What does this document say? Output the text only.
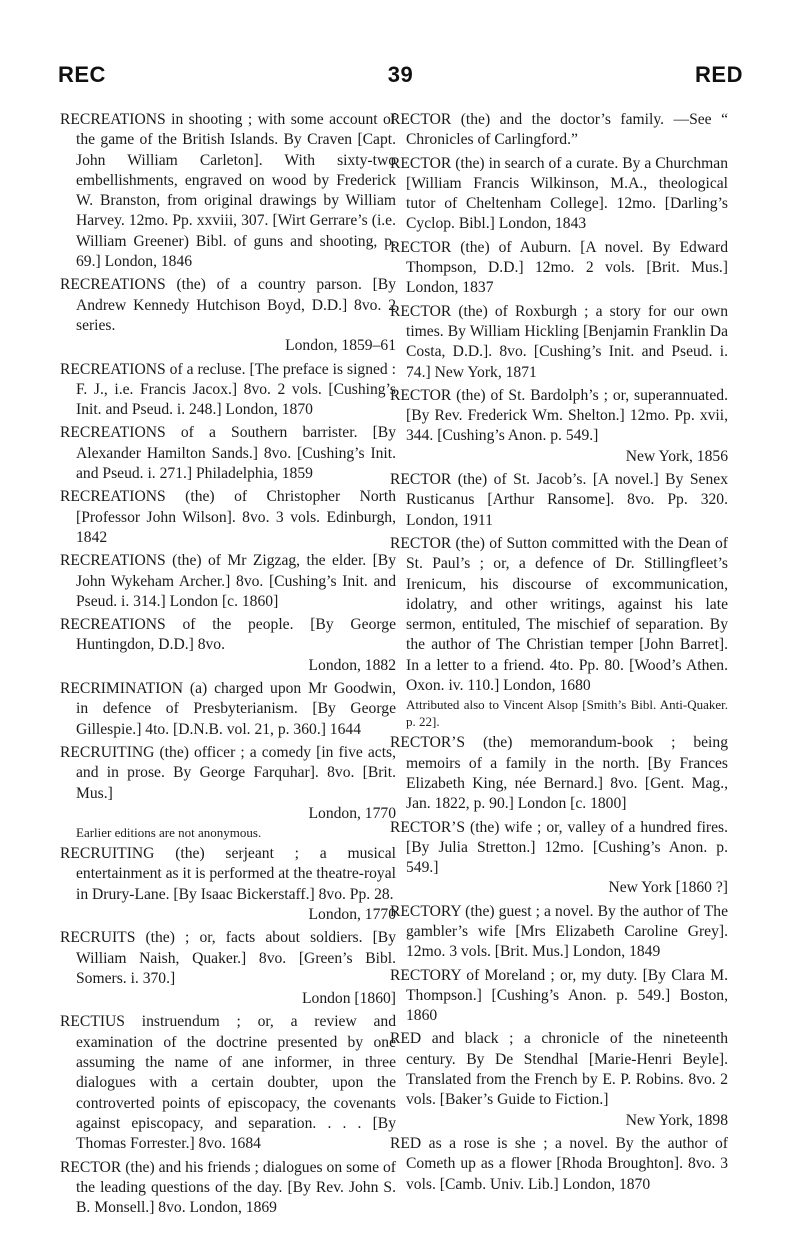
REC	39	RED

RECREATIONS in shooting ; with some account of the game of the British Islands. By Craven [Capt. John William Carleton]. With sixty-two embellishments, engraved on wood by Frederick W. Branston, from original drawings by William Harvey. 12mo. Pp. xxviii, 307. [Wirt Gerrare’s (i.e. William Greener) Bibl. of guns and shooting, p. 69.] London, 1846

RECREATIONS (the) of a country parson. [By Andrew Kennedy Hutchison Boyd, D.D.] 8vo. 2 series.
London, 1859–61

RECREATIONS of a recluse. [The preface is signed : F. J., i.e. Francis Jacox.] 8vo. 2 vols. [Cushing’s Init. and Pseud. i. 248.] London, 1870

RECREATIONS of a Southern barrister. [By Alexander Hamilton Sands.] 8vo. [Cushing’s Init. and Pseud. i. 271.] Philadelphia, 1859

RECREATIONS (the) of Christopher North [Professor John Wilson]. 8vo. 3 vols. Edinburgh, 1842

RECREATIONS (the) of Mr Zigzag, the elder. [By John Wykeham Archer.] 8vo. [Cushing’s Init. and Pseud. i. 314.] London [c. 1860]

RECREATIONS of the people. [By George Huntingdon, D.D.] 8vo.
London, 1882

RECRIMINATION (a) charged upon Mr Goodwin, in defence of Presbyterianism. [By George Gillespie.] 4to. [D.N.B. vol. 21, p. 360.] 1644

RECRUITING (the) officer ; a comedy [in five acts, and in prose. By George Farquhar]. 8vo. [Brit. Mus.]
London, 1770
Earlier editions are not anonymous.

RECRUITING (the) serjeant ; a musical entertainment as it is performed at the theatre-royal in Drury-Lane. [By Isaac Bickerstaff.] 8vo. Pp. 28.
London, 1770

RECRUITS (the) ; or, facts about soldiers. [By William Naish, Quaker.] 8vo. [Green’s Bibl. Somers. i. 370.]
London [1860]

RECTIUS instruendum ; or, a review and examination of the doctrine presented by one assuming the name of ane informer, in three dialogues with a certain doubter, upon the controverted points of episcopacy, the covenants against episcopacy, and separation. . . . [By Thomas Forrester.] 8vo. 1684

RECTOR (the) and his friends ; dialogues on some of the leading questions of the day. [By Rev. John S. B. Monsell.] 8vo. London, 1869

RECTOR (the) and the doctor’s family. —See “ Chronicles of Carlingford.”

RECTOR (the) in search of a curate. By a Churchman [William Francis Wilkinson, M.A., theological tutor of Cheltenham College]. 12mo. [Darling’s Cyclop. Bibl.] London, 1843

RECTOR (the) of Auburn. [A novel. By Edward Thompson, D.D.] 12mo. 2 vols. [Brit. Mus.] London, 1837

RECTOR (the) of Roxburgh ; a story for our own times. By William Hickling [Benjamin Franklin Da Costa, D.D.]. 8vo. [Cushing’s Init. and Pseud. i. 74.] New York, 1871

RECTOR (the) of St. Bardolph’s ; or, superannuated. [By Rev. Frederick Wm. Shelton.] 12mo. Pp. xvii, 344. [Cushing’s Anon. p. 549.]
New York, 1856

RECTOR (the) of St. Jacob’s. [A novel.] By Senex Rusticanus [Arthur Ransome]. 8vo. Pp. 320. London, 1911

RECTOR (the) of Sutton committed with the Dean of St. Paul’s ; or, a defence of Dr. Stillingfleet’s Irenicum, his discourse of excommunication, idolatry, and other writings, against his late sermon, entituled, The mischief of separation. By the author of The Christian temper [John Barret]. In a letter to a friend. 4to. Pp. 80. [Wood’s Athen. Oxon. iv. 110.] London, 1680
Attributed also to Vincent Alsop [Smith’s Bibl. Anti-Quaker. p. 22].

RECTOR’S (the) memorandum-book ; being memoirs of a family in the north. [By Frances Elizabeth King, née Bernard.] 8vo. [Gent. Mag., Jan. 1822, p. 90.] London [c. 1800]

RECTOR’S (the) wife ; or, valley of a hundred fires. [By Julia Stretton.] 12mo. [Cushing’s Anon. p. 549.]
New York [1860 ?]

RECTORY (the) guest ; a novel. By the author of The gambler’s wife [Mrs Elizabeth Caroline Grey]. 12mo. 3 vols. [Brit. Mus.] London, 1849

RECTORY of Moreland ; or, my duty. [By Clara M. Thompson.] [Cushing’s Anon. p. 549.] Boston, 1860

RED and black ; a chronicle of the nineteenth century. By De Stendhal [Marie-Henri Beyle]. Translated from the French by E. P. Robins. 8vo. 2 vols. [Baker’s Guide to Fiction.]
New York, 1898

RED as a rose is she ; a novel. By the author of Cometh up as a flower [Rhoda Broughton]. 8vo. 3 vols. [Camb. Univ. Lib.] London, 1870
